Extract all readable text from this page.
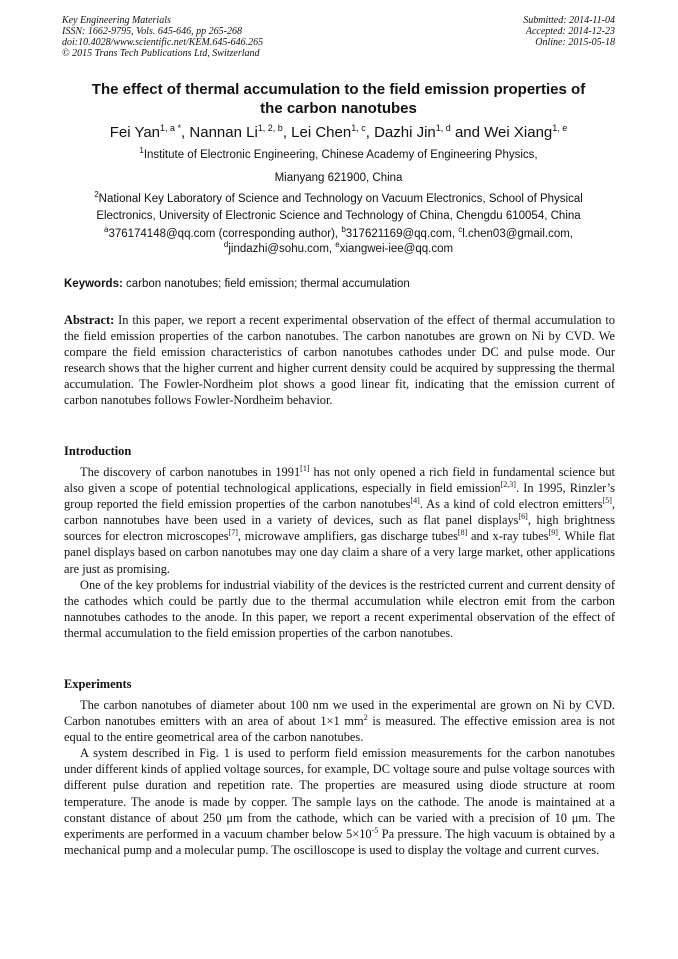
Key Engineering Materials
ISSN: 1662-9795, Vols. 645-646, pp 265-268
doi:10.4028/www.scientific.net/KEM.645-646.265
© 2015 Trans Tech Publications Ltd, Switzerland
Submitted: 2014-11-04
Accepted: 2014-12-23
Online: 2015-05-18
The effect of thermal accumulation to the field emission properties of
the carbon nanotubes
Fei Yan$^{1, a *}$, Nannan Li$^{1, 2, b}$, Lei Chen$^{1, c}$, Dazhi Jin$^{1, d}$ and Wei Xiang$^{1, e}$
$^1$Institute of Electronic Engineering, Chinese Academy of Engineering Physics,
Mianyang 621900, China
$^2$National Key Laboratory of Science and Technology on Vacuum Electronics, School of Physical
Electronics, University of Electronic Science and Technology of China, Chengdu 610054, China
$^a$376174148@qq.com (corresponding author), $^b$317621169@qq.com, $^c$l.chen03@gmail.com,
$^d$jindazhi@sohu.com, $^e$xiangwei-iee@qq.com
Keywords: carbon nanotubes; field emission; thermal accumulation

Abstract: In this paper, we report a recent experimental observation of the effect of thermal accumulation to the field emission properties of the carbon nanotubes. The carbon nanotubes are grown on Ni by CVD. We compare the field emission characteristics of carbon nanotubes cathodes under DC and pulse mode. Our research shows that the higher current and higher current density could be acquired by suppressing the thermal accumulation. The Fowler-Nordheim plot shows a good linear fit, indicating that the emission current of carbon nanotubes follows Fowler-Nordheim behavior.

Introduction

The discovery of carbon nanotubes in 1991[1] has not only opened a rich field in fundamental science but also given a scope of potential technological applications, especially in field emission[2,3]. In 1995, Rinzler’s group reported the field emission properties of the carbon nanotubes[4]. As a kind of cold electron emitters[5], carbon nannotubes have been used in a variety of devices, such as flat panel displays[6], high brightness sources for electron microscopes[7], microwave amplifiers, gas discharge tubes[8] and x-ray tubes[9]. While flat panel displays based on carbon nanotubes may one day claim a share of a very large market, other applications are just as promising.

One of the key problems for industrial viability of the devices is the restricted current and current density of the cathodes which could be partly due to the thermal accumulation while electron emit from the carbon nannotubes cathodes to the anode. In this paper, we report a recent experimental observation of the effect of thermal accumulation to the field emission properties of the carbon nanotubes.

Experiments

The carbon nanotubes of diameter about 100 nm we used in the experimental are grown on Ni by CVD. Carbon nanotubes emitters with an area of about 1×1 $mm^2$ is measured. The effective emission area is not equal to the entire geometrical area of the carbon nanotubes.

A system described in Fig. 1 is used to perform field emission measurements for the carbon nanotubes under different kinds of applied voltage sources, for example, DC voltage soure and pulse voltage sources with different pulse duration and repetition rate. The properties are measured using diode structure at room temperature. The anode is made by copper. The sample lays on the cathode. The anode is maintained at a constant distance of about 250 μm from the cathode, which can be varied with a precision of 10 μm. The experiments are performed in a vacuum chamber below $5\times 10^{-5}$ Pa pressure. The high vacuum is obtained by a mechanical pump and a molecular pump. The oscilloscope is used to display the voltage and current curves.
